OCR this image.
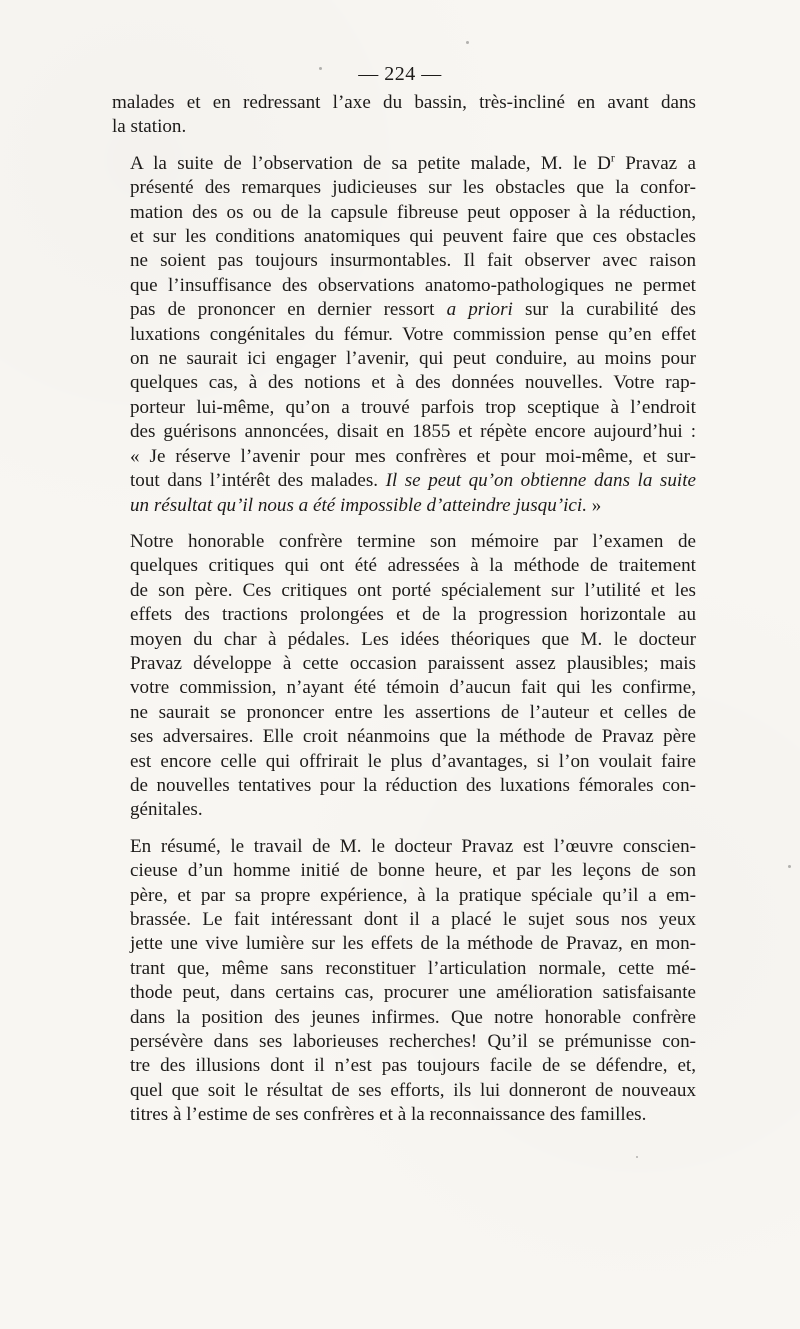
— 224 —

malades et en redressant l’axe du bassin, très-incliné en avant dans
la station.

A la suite de l’observation de sa petite malade, M. le $D^r$ Pravaz a
présenté des remarques judicieuses sur les obstacles que la confor-
mation des os ou de la capsule fibreuse peut opposer à la réduction,
et sur les conditions anatomiques qui peuvent faire que ces obstacles
ne soient pas toujours insurmontables. Il fait observer avec raison
que l’insuffisance des observations anatomo-pathologiques ne permet
pas de prononcer en dernier ressort a priori sur la curabilité des
luxations congénitales du fémur. Votre commission pense qu’en effet
on ne saurait ici engager l’avenir, qui peut conduire, au moins pour
quelques cas, à des notions et à des données nouvelles. Votre rap-
porteur lui-même, qu’on a trouvé parfois trop sceptique à l’endroit
des guérisons annoncées, disait en 1855 et répète encore aujourd’hui :
« Je réserve l’avenir pour mes confrères et pour moi-même, et sur-
tout dans l’intérêt des malades. Il se peut qu’on obtienne dans la suite
un résultat qu’il nous a été impossible d’atteindre jusqu’ici. »

Notre honorable confrère termine son mémoire par l’examen de
quelques critiques qui ont été adressées à la méthode de traitement
de son père. Ces critiques ont porté spécialement sur l’utilité et les
effets des tractions prolongées et de la progression horizontale au
moyen du char à pédales. Les idées théoriques que M. le docteur
Pravaz développe à cette occasion paraissent assez plausibles; mais
votre commission, n’ayant été témoin d’aucun fait qui les confirme,
ne saurait se prononcer entre les assertions de l’auteur et celles de
ses adversaires. Elle croit néanmoins que la méthode de Pravaz père
est encore celle qui offrirait le plus d’avantages, si l’on voulait faire
de nouvelles tentatives pour la réduction des luxations fémorales con-
génitales.

En résumé, le travail de M. le docteur Pravaz est l’œuvre conscien-
cieuse d’un homme initié de bonne heure, et par les leçons de son
père, et par sa propre expérience, à la pratique spéciale qu’il a em-
brassée. Le fait intéressant dont il a placé le sujet sous nos yeux
jette une vive lumière sur les effets de la méthode de Pravaz, en mon-
trant que, même sans reconstituer l’articulation normale, cette mé-
thode peut, dans certains cas, procurer une amélioration satisfaisante
dans la position des jeunes infirmes. Que notre honorable confrère
persévère dans ses laborieuses recherches! Qu’il se prémunisse con-
tre des illusions dont il n’est pas toujours facile de se défendre, et,
quel que soit le résultat de ses efforts, ils lui donneront de nouveaux
titres à l’estime de ses confrères et à la reconnaissance des familles.
